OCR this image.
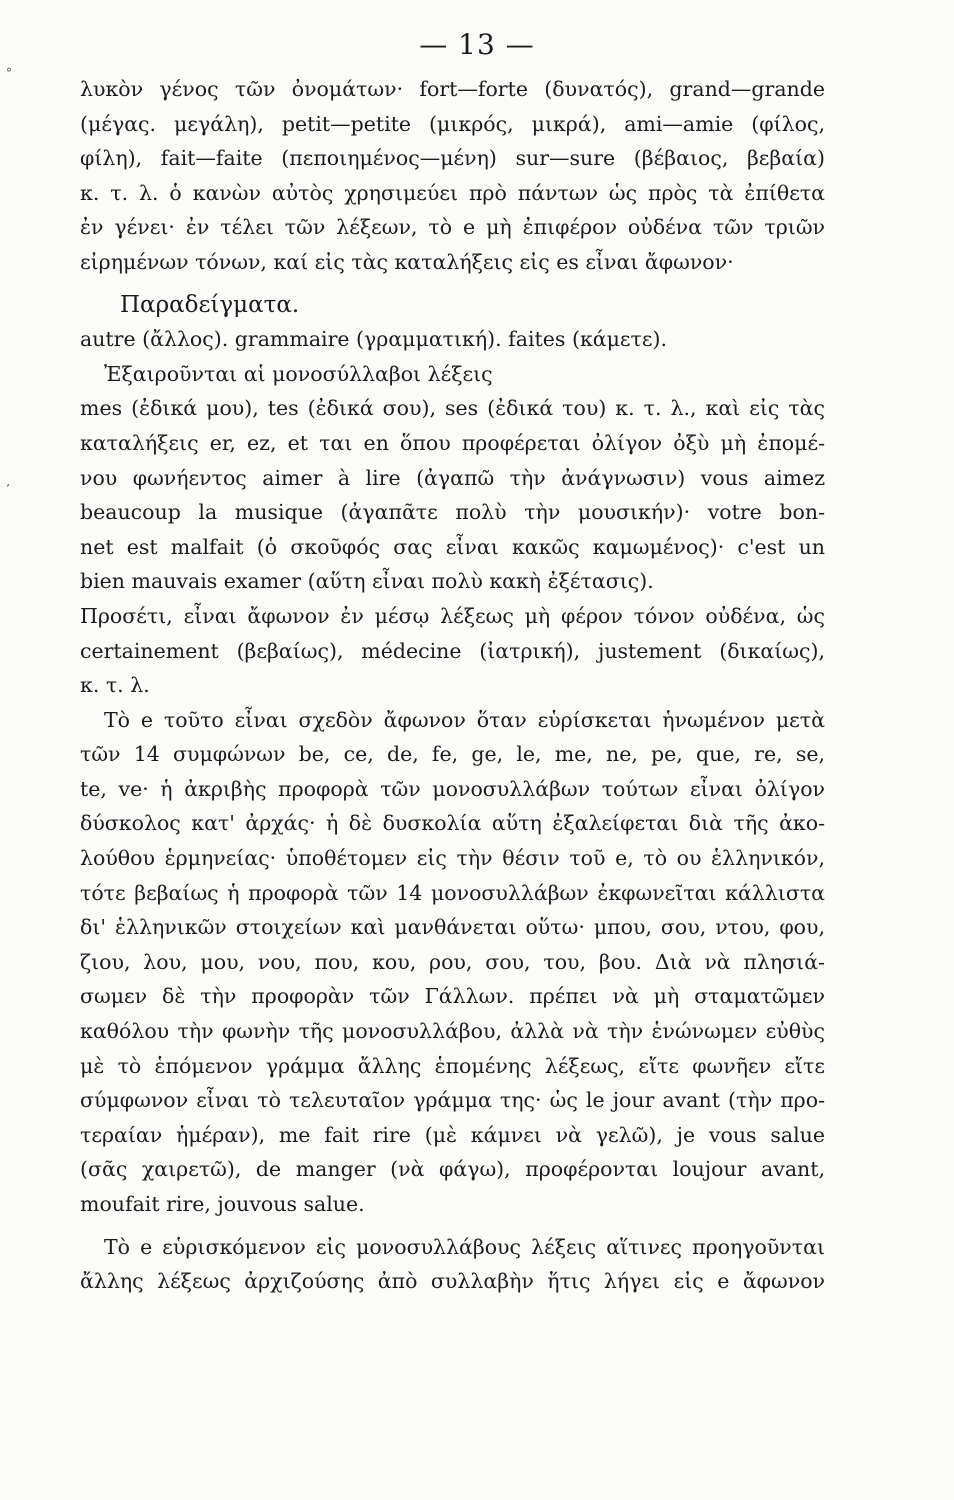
— 13 —
°
’
λυκὸν γένος τῶν ὀνομάτων· fort—forte (δυνατός), grand—grande
(μέγας. μεγάλη), petit—petite (μικρός, μικρά), ami—amie (φίλος,
φίλη), fait—faite (πεποιημένος—μένη) sur—sure (βέβαιος, βεβαία)
κ. τ. λ. ὁ κανὼν αὐτὸς χρησιμεύει πρὸ πάντων ὡς πρὸς τὰ ἐπίθετα
ἐν γένει· ἐν τέλει τῶν λέξεων, τὸ e μὴ ἐπιφέρον οὐδένα τῶν τριῶν
εἰρημένων τόνων, καί εἰς τὰς καταλήξεις εἰς es εἶναι ἄφωνον·
Παραδείγματα.
autre (ἄλλος). grammaire (γραμματική). faites (κάμετε).
Ἐξαιροῦνται αἱ μονοσύλλαβοι λέξεις
mes (ἐδικά μου), tes (ἐδικά σου), ses (ἐδικά του) κ. τ. λ., καὶ εἰς τὰς
καταλήξεις er, ez, et ται en ὅπου προφέρεται ὀλίγον ὀξὺ μὴ ἐπομέ-
νου φωνήεντος aimer à lire (ἀγαπῶ τὴν ἀνάγνωσιν) vous aimez
beaucoup la musique (ἀγαπᾶτε πολὺ τὴν μουσικήν)· votre bon-
net est malfait (ὁ σκοῦφός σας εἶναι κακῶς καμωμένος)· c'est un
bien mauvais examer (αὕτη εἶναι πολὺ κακὴ ἐξέτασις).
Προσέτι, εἶναι ἄφωνον ἐν μέσῳ λέξεως μὴ φέρον τόνον οὐδένα, ὡς
certainement (βεβαίως), médecine (ἰατρική), justement (δικαίως),
κ. τ. λ.
Τὸ e τοῦτο εἶναι σχεδὸν ἄφωνον ὅταν εὑρίσκεται ἡνωμένον μετὰ
τῶν 14 συμφώνων be, ce, de, fe, ge, le, me, ne, pe, que, re, se,
te, ve· ἡ ἀκριβὴς προφορὰ τῶν μονοσυλλάβων τούτων εἶναι ὀλίγον
δύσκολος κατ' ἀρχάς· ἡ δὲ δυσκολία αὕτη ἐξαλείφεται διὰ τῆς ἀκο-
λούθου ἑρμηνείας· ὑποθέτομεν εἰς τὴν θέσιν τοῦ e, τὸ ου ἑλληνικόν,
τότε βεβαίως ἡ προφορὰ τῶν 14 μονοσυλλάβων ἐκφωνεῖται κάλλιστα
δι' ἑλληνικῶν στοιχείων καὶ μανθάνεται οὕτω· μπου, σου, ντου, φου,
ζιου, λου, μου, νου, που, κου, ρου, σου, του, βου. Διὰ νὰ πλησιά-
σωμεν δὲ τὴν προφορὰν τῶν Γάλλων. πρέπει νὰ μὴ σταματῶμεν
καθόλου τὴν φωνὴν τῆς μονοσυλλάβου, ἀλλὰ νὰ τὴν ἑνώνωμεν εὐθὺς
μὲ τὸ ἑπόμενον γράμμα ἄλλης ἑπομένης λέξεως, εἴτε φωνῆεν εἴτε
σύμφωνον εἶναι τὸ τελευταῖον γράμμα της· ὡς le jour avant (τὴν προ-
τεραίαν ἡμέραν), me fait rire (μὲ κάμνει νὰ γελῶ), je vous salue
(σᾶς χαιρετῶ), de manger (νὰ φάγω), προφέρονται loujour avant,
moufait rire, jouvous salue.
Τὸ e εὑρισκόμενον εἰς μονοσυλλάβους λέξεις αἵτινες προηγοῦνται
ἄλλης λέξεως ἀρχιζούσης ἀπὸ συλλαβὴν ἥτις λήγει εἰς e ἄφωνον
